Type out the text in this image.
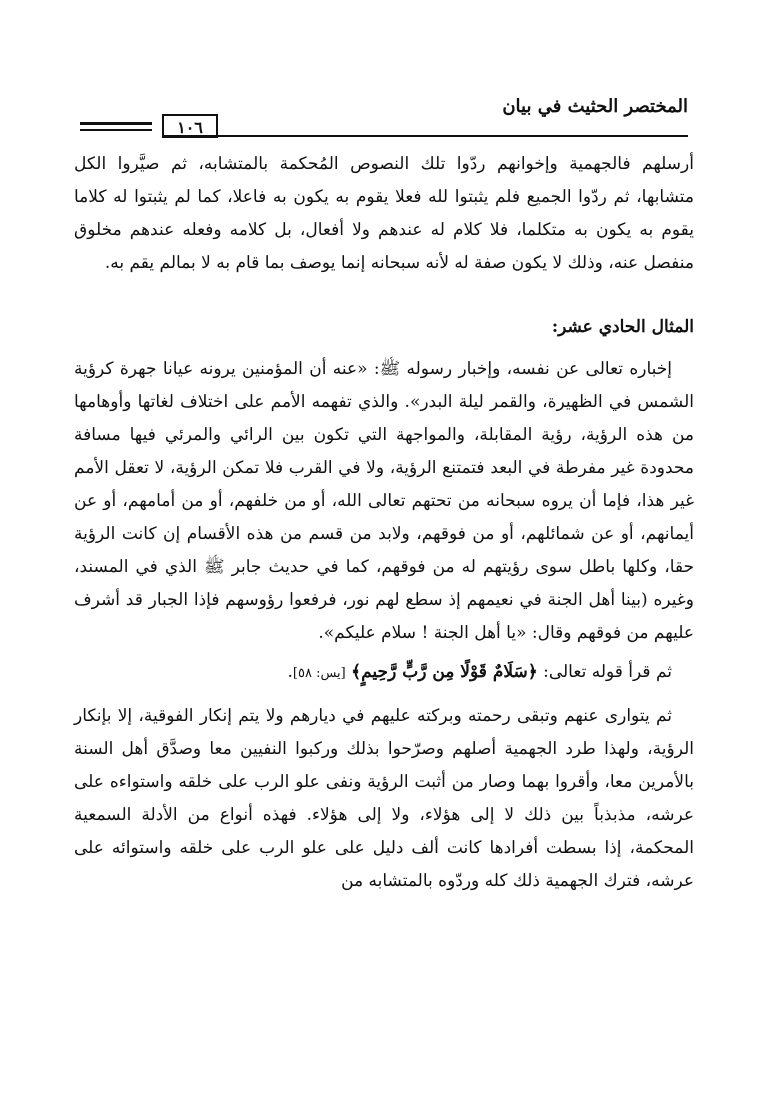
المختصر الحثيث في بيان
١٠٦

أرسلهم فالجهمية وإخوانهم ردّوا تلك النصوص المُحكمة بالمتشابه، ثم صيَّروا الكل متشابها، ثم ردّوا الجميع فلم يثبتوا لله فعلا يقوم به يكون به فاعلا، كما لم يثبتوا له كلاما يقوم به يكون به متكلما، فلا كلام له عندهم ولا أفعال، بل كلامه وفعله عندهم مخلوق منفصل عنه، وذلك لا يكون صفة له لأنه سبحانه إنما يوصف بما قام به لا بمالم يقم به.

المثال الحادي عشر:

إخباره تعالى عن نفسه، وإخبار رسوله ﷺ: «عنه أن المؤمنين يرونه عيانا جهرة كرؤية الشمس في الظهيرة، والقمر ليلة البدر». والذي تفهمه الأمم على اختلاف لغاتها وأوهامها من هذه الرؤية، رؤية المقابلة، والمواجهة التي تكون بين الرائي والمرئي فيها مسافة محدودة غير مفرطة في البعد فتمتنع الرؤية، ولا في القرب فلا تمكن الرؤية، لا تعقل الأمم غير هذا، فإما أن يروه سبحانه من تحتهم تعالى الله، أو من خلفهم، أو من أمامهم، أو عن أيمانهم، أو عن شمائلهم، أو من فوقهم، ولابد من قسم من هذه الأقسام إن كانت الرؤية حقا، وكلها باطل سوى رؤيتهم له من فوقهم، كما في حديث جابر ﷺ الذي في المسند، وغيره (بينا أهل الجنة في نعيمهم إذ سطع لهم نور، فرفعوا رؤوسهم فإذا الجبار قد أشرف عليهم من فوقهم وقال: «يا أهل الجنة ! سلام عليكم».

ثم قرأ قوله تعالى: ﴿سَلَامٌ قَوْلًا مِن رَّبٍّ رَّحِيمٍ﴾ [يس: ٥٨].

ثم يتوارى عنهم وتبقى رحمته وبركته عليهم في ديارهم ولا يتم إنكار الفوقية، إلا بإنكار الرؤية، ولهذا طرد الجهمية أصلهم وصرّحوا بذلك وركبوا النفيين معا وصدَّق أهل السنة بالأمرين معا، وأقروا بهما وصار من أثبت الرؤية ونفى علو الرب على خلقه واستواءه على عرشه، مذبذباً بين ذلك لا إلى هؤلاء، ولا إلى هؤلاء. فهذه أنواع من الأدلة السمعية المحكمة، إذا بسطت أفرادها كانت ألف دليل على علو الرب على خلقه واستوائه على عرشه، فترك الجهمية ذلك كله وردّوه بالمتشابه من
